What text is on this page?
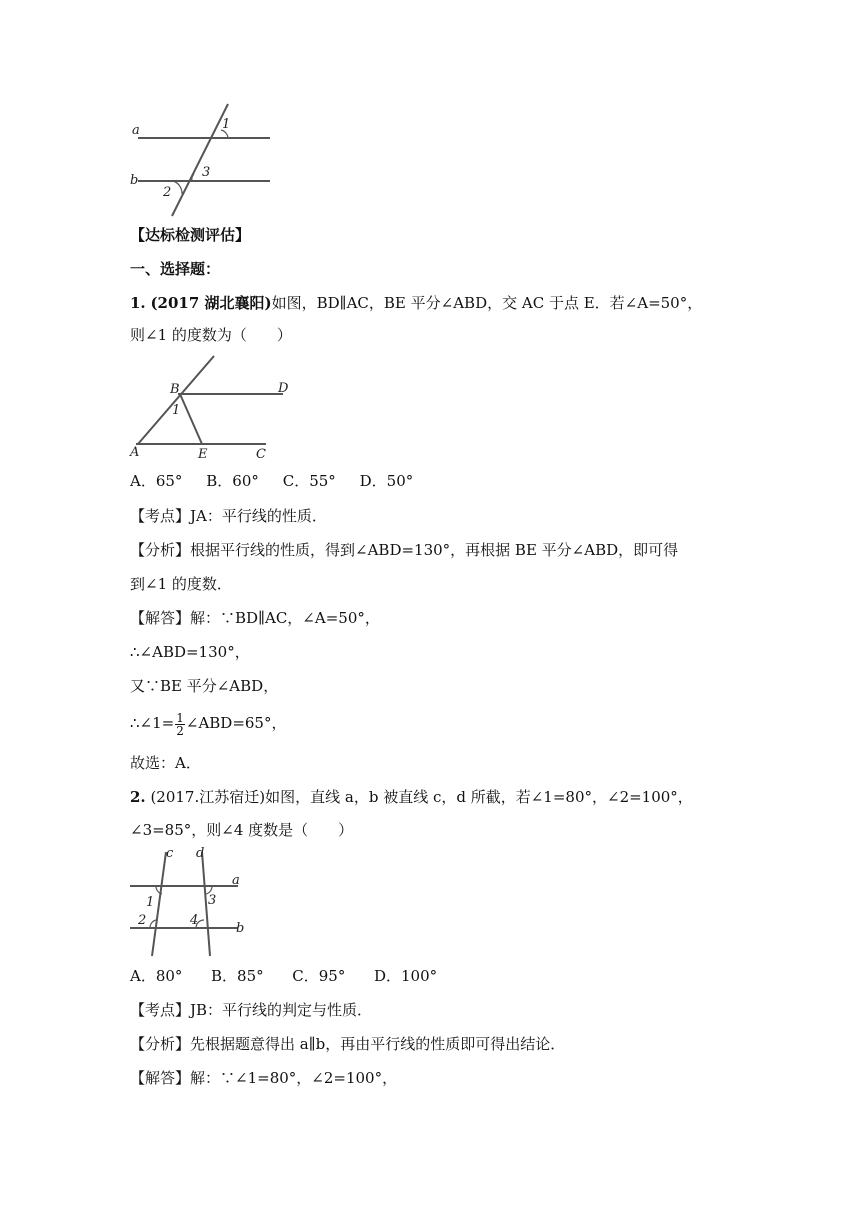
a
b
1
2
3

【达标检测评估】

一、选择题：

1. (2017 湖北襄阳)如图，BD∥AC，BE 平分∠ABD，交 AC 于点 E．若∠A=50°，

则∠1 的度数为（　　）

B	D
1
A	E	C
A．65° B．60° C．55° D．50°

【考点】JA：平行线的性质．

【分析】根据平行线的性质，得到∠ABD=130°，再根据 BE 平分∠ABD，即可得

到∠1 的度数．

【解答】解：∵BD∥AC，∠A=50°，

∴∠ABD=130°，

又∵BE 平分∠ABD，

∴∠1= $\frac{1}{2}$ ∠ABD=65°，

故选：A．

2. (2017.江苏宿迁)如图，直线 a，b 被直线 c，d 所截，若∠1=80°，∠2=100°，

∠3=85°，则∠4 度数是（　　）

c d
a
b
1
2
3
4
A．80° B．85° C．95° D．100°

【考点】JB：平行线的判定与性质．

【分析】先根据题意得出 a∥b，再由平行线的性质即可得出结论．

【解答】解：∵∠1=80°，∠2=100°，
